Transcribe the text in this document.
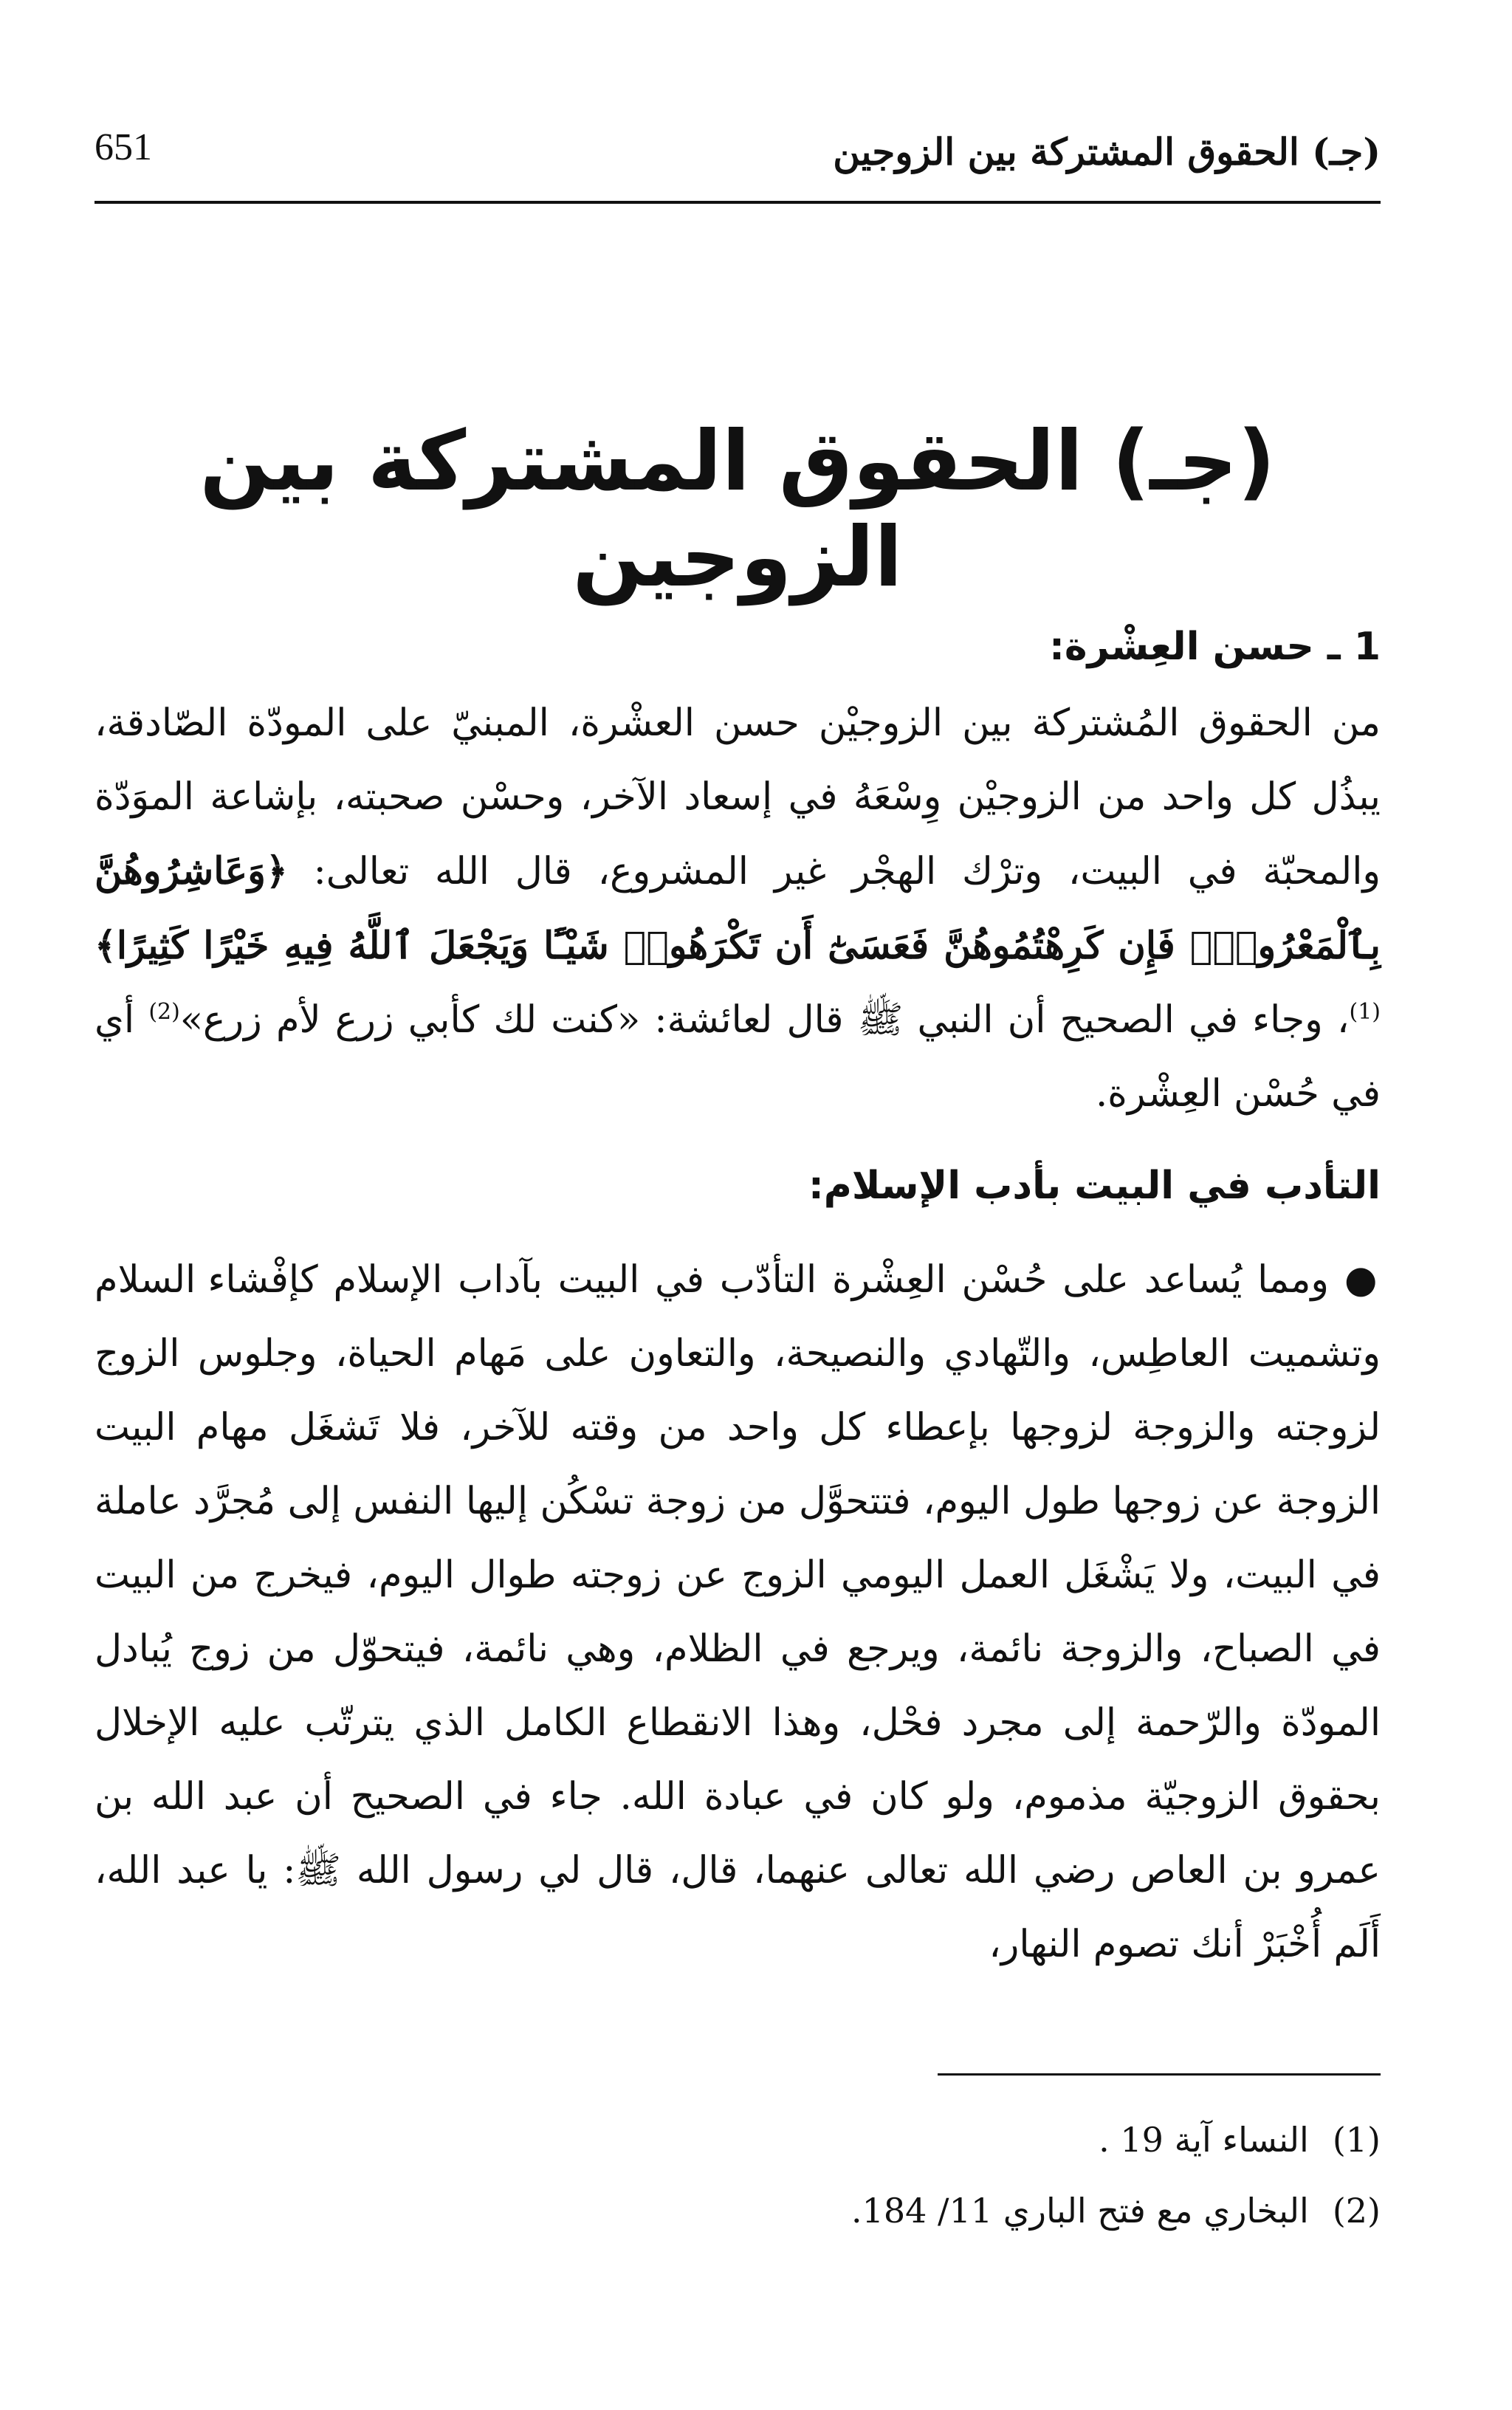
(جـ) الحقوق المشتركة بين الزوجين
651
(جـ) الحقوق المشتركة بين الزوجين
1 ـ حسن العِشْرة:

من الحقوق المُشتركة بين الزوجيْن حسن العشْرة، المبنيّ على المودّة الصّادقة، يبذُل كل واحد من الزوجيْن وِسْعَهُ في إسعاد الآخر، وحسْن صحبته، بإشاعة الموَدّة والمحبّة في البيت، وترْك الهجْر غير المشروع، قال الله تعالى: ﴿وَعَاشِرُوهُنَّ بِٱلْمَعْرُوفِۚ فَإِن كَرِهْتُمُوهُنَّ فَعَسَىٰٓ أَن تَكْرَهُوا۟ شَيْـًٔا وَيَجْعَلَ ٱللَّهُ فِيهِ خَيْرًا كَثِيرًا﴾$^{(1)}$، وجاء في الصحيح أن النبي ﷺ قال لعائشة: «كنت لك كأبي زرع لأم زرع»$^{(2)}$ أي في حُسْن العِشْرة.

التأدب في البيت بأدب الإسلام:

● ومما يُساعد على حُسْن العِشْرة التأدّب في البيت بآداب الإسلام كإفْشاء السلام وتشميت العاطِس، والتّهادي والنصيحة، والتعاون على مَهام الحياة، وجلوس الزوج لزوجته والزوجة لزوجها بإعطاء كل واحد من وقته للآخر، فلا تَشغَل مهام البيت الزوجة عن زوجها طول اليوم، فتتحوَّل من زوجة تسْكُن إليها النفس إلى مُجرَّد عاملة في البيت، ولا يَشْغَل العمل اليومي الزوج عن زوجته طوال اليوم، فيخرج من البيت في الصباح، والزوجة نائمة، ويرجع في الظلام، وهي نائمة، فيتحوّل من زوج يُبادل المودّة والرّحمة إلى مجرد فحْل، وهذا الانقطاع الكامل الذي يترتّب عليه الإخلال بحقوق الزوجيّة مذموم، ولو كان في عبادة الله. جاء في الصحيح أن عبد الله بن عمرو بن العاص رضي الله تعالى عنهما، قال، قال لي رسول الله ﷺ: يا عبد الله، أَلَم أُخْبَرْ أنك تصوم النهار،

(1)
النساء آية 19 .
(2)
البخاري مع فتح الباري 11/ 184.
